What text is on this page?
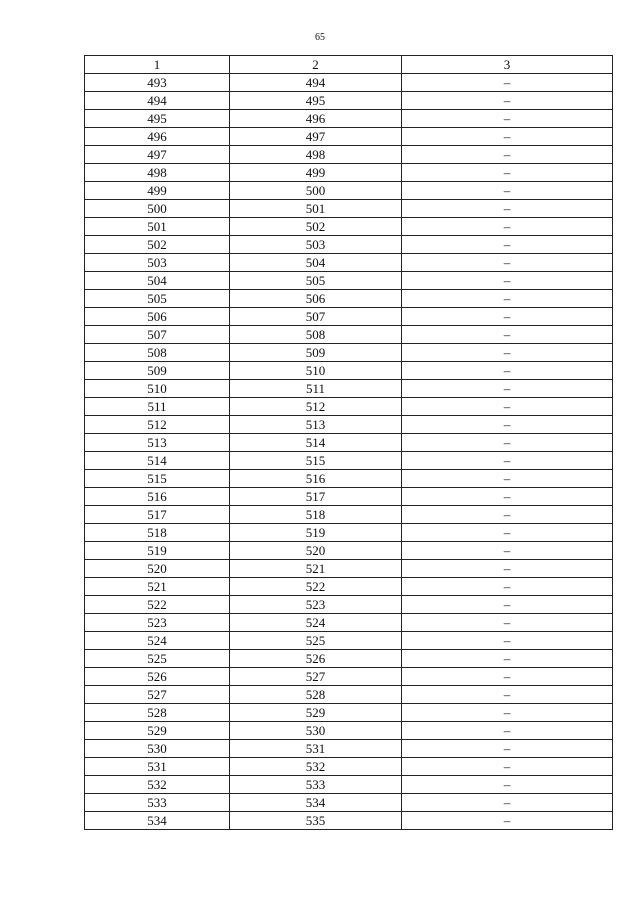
65
1	2	3
493	494	–
494	495	–
495	496	–
496	497	–
497	498	–
498	499	–
499	500	–
500	501	–
501	502	–
502	503	–
503	504	–
504	505	–
505	506	–
506	507	–
507	508	–
508	509	–
509	510	–
510	511	–
511	512	–
512	513	–
513	514	–
514	515	–
515	516	–
516	517	–
517	518	–
518	519	–
519	520	–
520	521	–
521	522	–
522	523	–
523	524	–
524	525	–
525	526	–
526	527	–
527	528	–
528	529	–
529	530	–
530	531	–
531	532	–
532	533	–
533	534	–
534	535	–
